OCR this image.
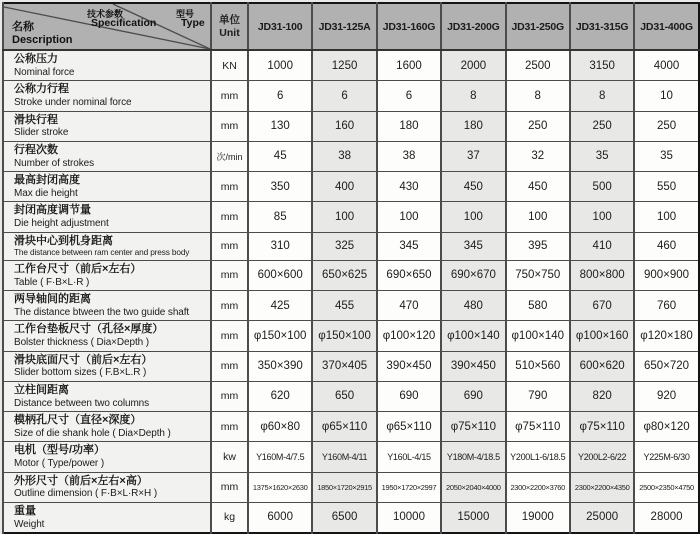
技术参数
Specification
型号
Type
名称
Description
	单位
Unit	JD31-100	JD31-125A	JD31-160G	JD31-200G	JD31-250G	JD31-315G	JD31-400G

公称压力
Nominal force	KN	1000	1250	1600	2000	2500	3150	4000

公称力行程
Stroke under nominal force	mm	6	6	6	8	8	8	10

滑块行程
Slider stroke	mm	130	160	180	180	250	250	250

行程次数
Number of strokes	次/min	45	38	38	37	32	35	35

最高封闭高度
Max die height	mm	350	400	430	450	450	500	550

封闭高度调节量
Die height adjustment	mm	85	100	100	100	100	100	100

滑块中心到机身距离
The distance between ram center and press body	mm	310	325	345	345	395	410	460

工作台尺寸（前后×左右）
Table ( F·B×L·R )	mm	600×600	650×625	690×650	690×670	750×750	800×800	900×900

两导轴间的距离
The distance btween the two guide shaft	mm	425	455	470	480	580	670	760

工作台垫板尺寸（孔径×厚度）
Bolster thickness ( Dia×Depth )	mm	φ150×100	φ150×100	φ100×120	φ100×140	φ100×140	φ100×160	φ120×180

滑块底面尺寸（前后×左右）
Slider bottom sizes ( F.B×L.R )	mm	350×390	370×405	390×450	390×450	510×560	600×620	650×720

立柱间距离
Distance between two columns	mm	620	650	690	690	790	820	920

模柄孔尺寸（直径×深度）
Size of die shank hole ( Dia×Depth )	mm	φ60×80	φ65×110	φ65×110	φ75×110	φ75×110	φ75×110	φ80×120

电机（型号/功率）
Motor ( Type/power )	kw	Y160M-4/7.5	Y160M-4/11	Y160L-4/15	Y180M-4/18.5	Y200L1-6/18.5	Y200L2-6/22	Y225M-6/30

外形尺寸（前后×左右×高）
Outline dimension ( F·B×L·R×H )	mm	1375×1620×2630	1850×1720×2915	1950×1720×2997	2050×2040×4000	2300×2200×3760	2300×2200×4350	2500×2350×4750

重量
Weight	kg	6000	6500	10000	15000	19000	25000	28000
